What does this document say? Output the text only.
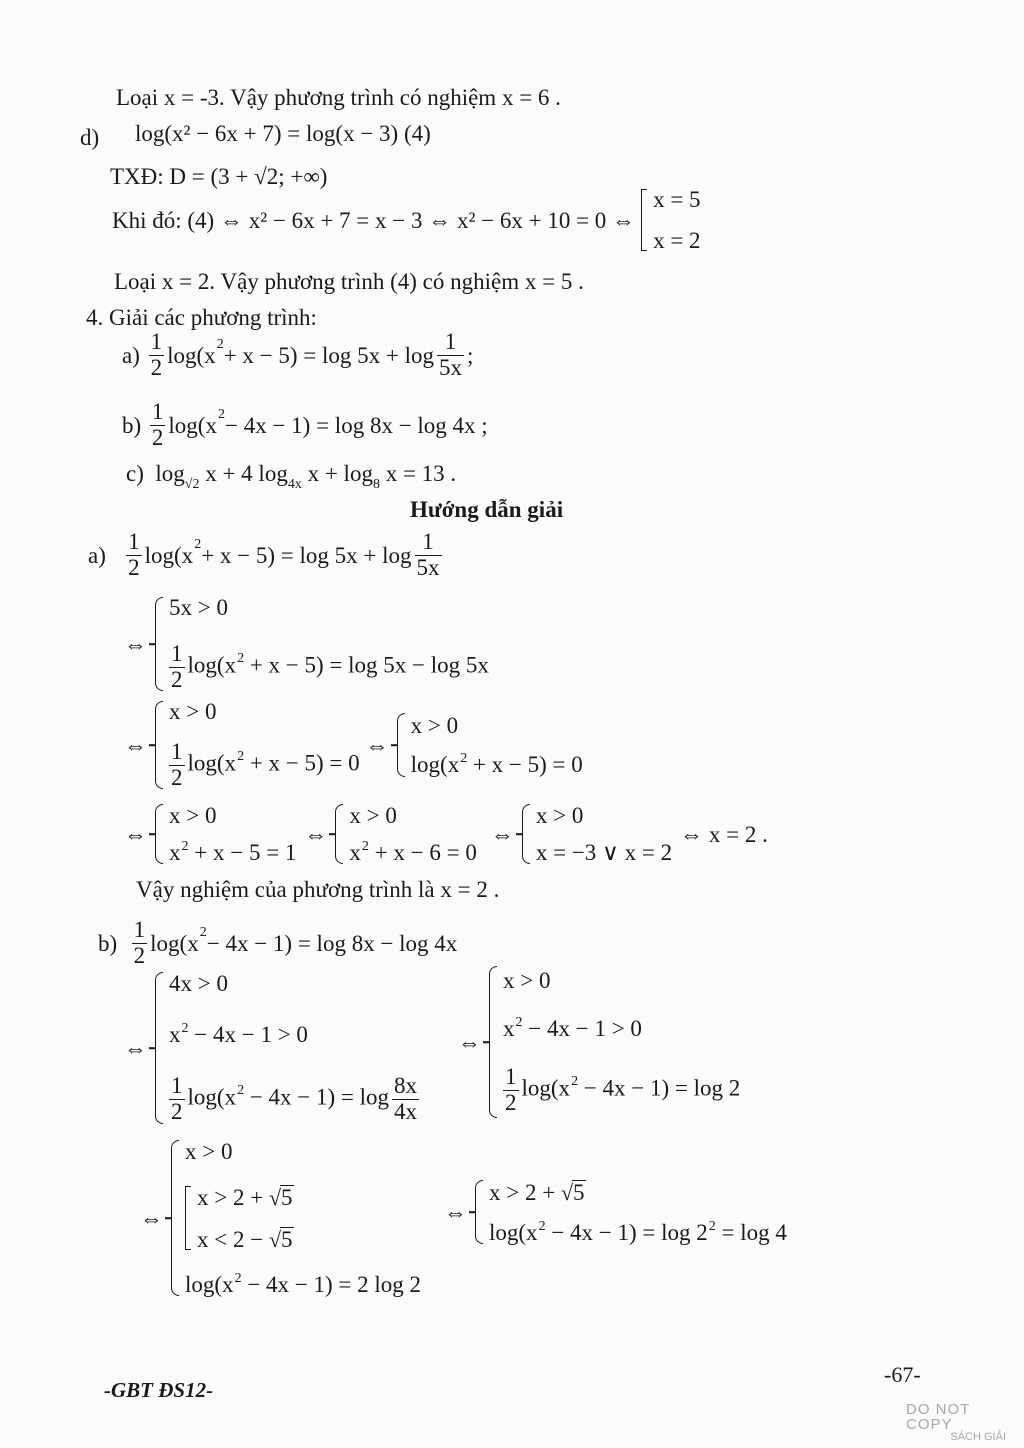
Loại x = -3. Vậy phương trình có nghiệm x = 6 .
d) log(x² − 6x + 7) = log(x − 3) (4)
TXĐ: D = (3 + √2; +∞)
Khi đó: (4) ⇔ x² − 6x + 7 = x − 3 ⇔ x² − 6x + 10 = 0 ⇔
x = 5
x = 2
Loại x = 2. Vậy phương trình (4) có nghiệm x = 5 .
4. Giải các phương trình:
a)
$\frac{1}{2} \log(x^2 + x - 5) = \log 5x + \log \frac{1}{5x}$ ;
b)
$\frac{1}{2} \log(x^2 - 4x - 1) = \log 8x - \log 4x$ ;
c)  $\log_{√2} x + 4$ $\log_{4x} x + \log_8 x = 13$ .
Hướng dẫn giải
a)
$\frac{1}{2} \log(x^2 + x - 5) = \log 5x + \log \frac{1}{5x}$
⇔
5x > 0
$\frac{1}{2} \log(x^2 + x - 5) = \log 5x - \log 5x$
⇔
x > 0
$\frac{1}{2} \log(x^2 + x - 5) = 0$
⇔
x > 0
$\log(x^2 + x - 5) = 0$
⇔
x > 0
$x^2 + x - 5 = 1$
⇔
x > 0
$x^2 + x - 6 = 0$
⇔
x > 0
x = −3 ∨ x = 2
⇔ x = 2 .
Vậy nghiệm của phương trình là x = 2 .
b)
$\frac{1}{2} \log(x^2 - 4x - 1) = \log 8x - \log 4x$
⇔
4x > 0
$x^2 - 4x - 1 > 0$
$\frac{1}{2} \log(x^2 - 4x - 1) = \log \frac{8x}{4x}$
⇔
x > 0
$x^2 - 4x - 1 > 0$
$\frac{1}{2} \log(x^2 - 4x - 1) = \log 2$
⇔
x > 0
x > 2 + √5
x < 2 − √5
$\log(x^2 - 4x - 1) = 2$ log 2
⇔
x > 2 + √5
$\log(x^2 - 4x - 1) = \log 2^2 = \log 4$
-GBT ĐS12-
-67-
DO NOT COPY
SÁCH GIẢI
